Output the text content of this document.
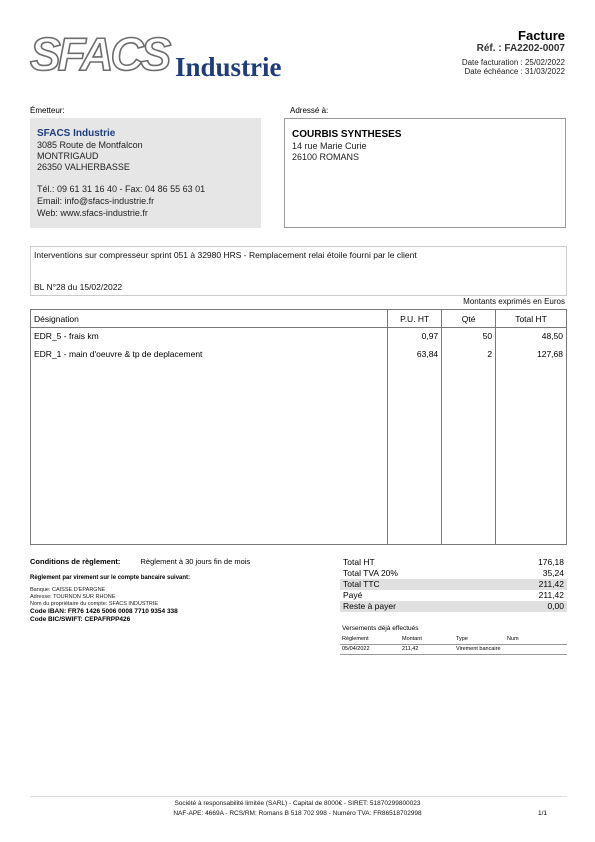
SFACS Industrie
Facture
Réf. : FA2202-0007
Date facturation : 25/02/2022
Date échéance : 31/03/2022
Émetteur:
SFACS Industrie
3085 Route de Montfalcon
MONTRIGAUD
26350 VALHERBASSE
Tél.: 09 61 31 16 40 - Fax: 04 86 55 63 01
Email: info@sfacs-industrie.fr
Web: www.sfacs-industrie.fr
Adressé à:
COURBIS SYNTHESES
14 rue Marie Curie
26100 ROMANS
Interventions sur compresseur sprint 051 à 32980 HRS - Remplacement relai étoile fourni par le client
BL N°28 du 15/02/2022
Montants exprimés en Euros
Désignation	P.U. HT	Qté	Total HT
EDR_5 - frais km	0,97	50	48,50
EDR_1 - main d'oeuvre & tp de deplacement	63,84	2	127,68

Conditions de règlement:	Règlement à 30 jours fin de mois
Règlement par virement sur le compte bancaire suivant:
Banque: CAISSE D'EPARGNE
Adresse: TOURNON SUR RHONE
Nom du propriétaire du compte: SFACS INDUSTRIE
Code IBAN: FR76 1426 5006 0008 7710 9354 338
Code BIC/SWIFT: CEPAFRPP426
Total HT	176,18
Total TVA 20%	35,24
Total TTC	211,42
Payé	211,42
Reste à payer	0,00
Versements déjà effectués
Règlement	Montant	Type	Num
05/04/2022	211,42	Virement bancaire
Société à responsabilité limitée (SARL) - Capital de 8000€ - SIRET: 51870299800023
NAF-APE: 4669A - RCS/RM: Romans B 518 702 998 - Numéro TVA: FR86518702998	1/1
